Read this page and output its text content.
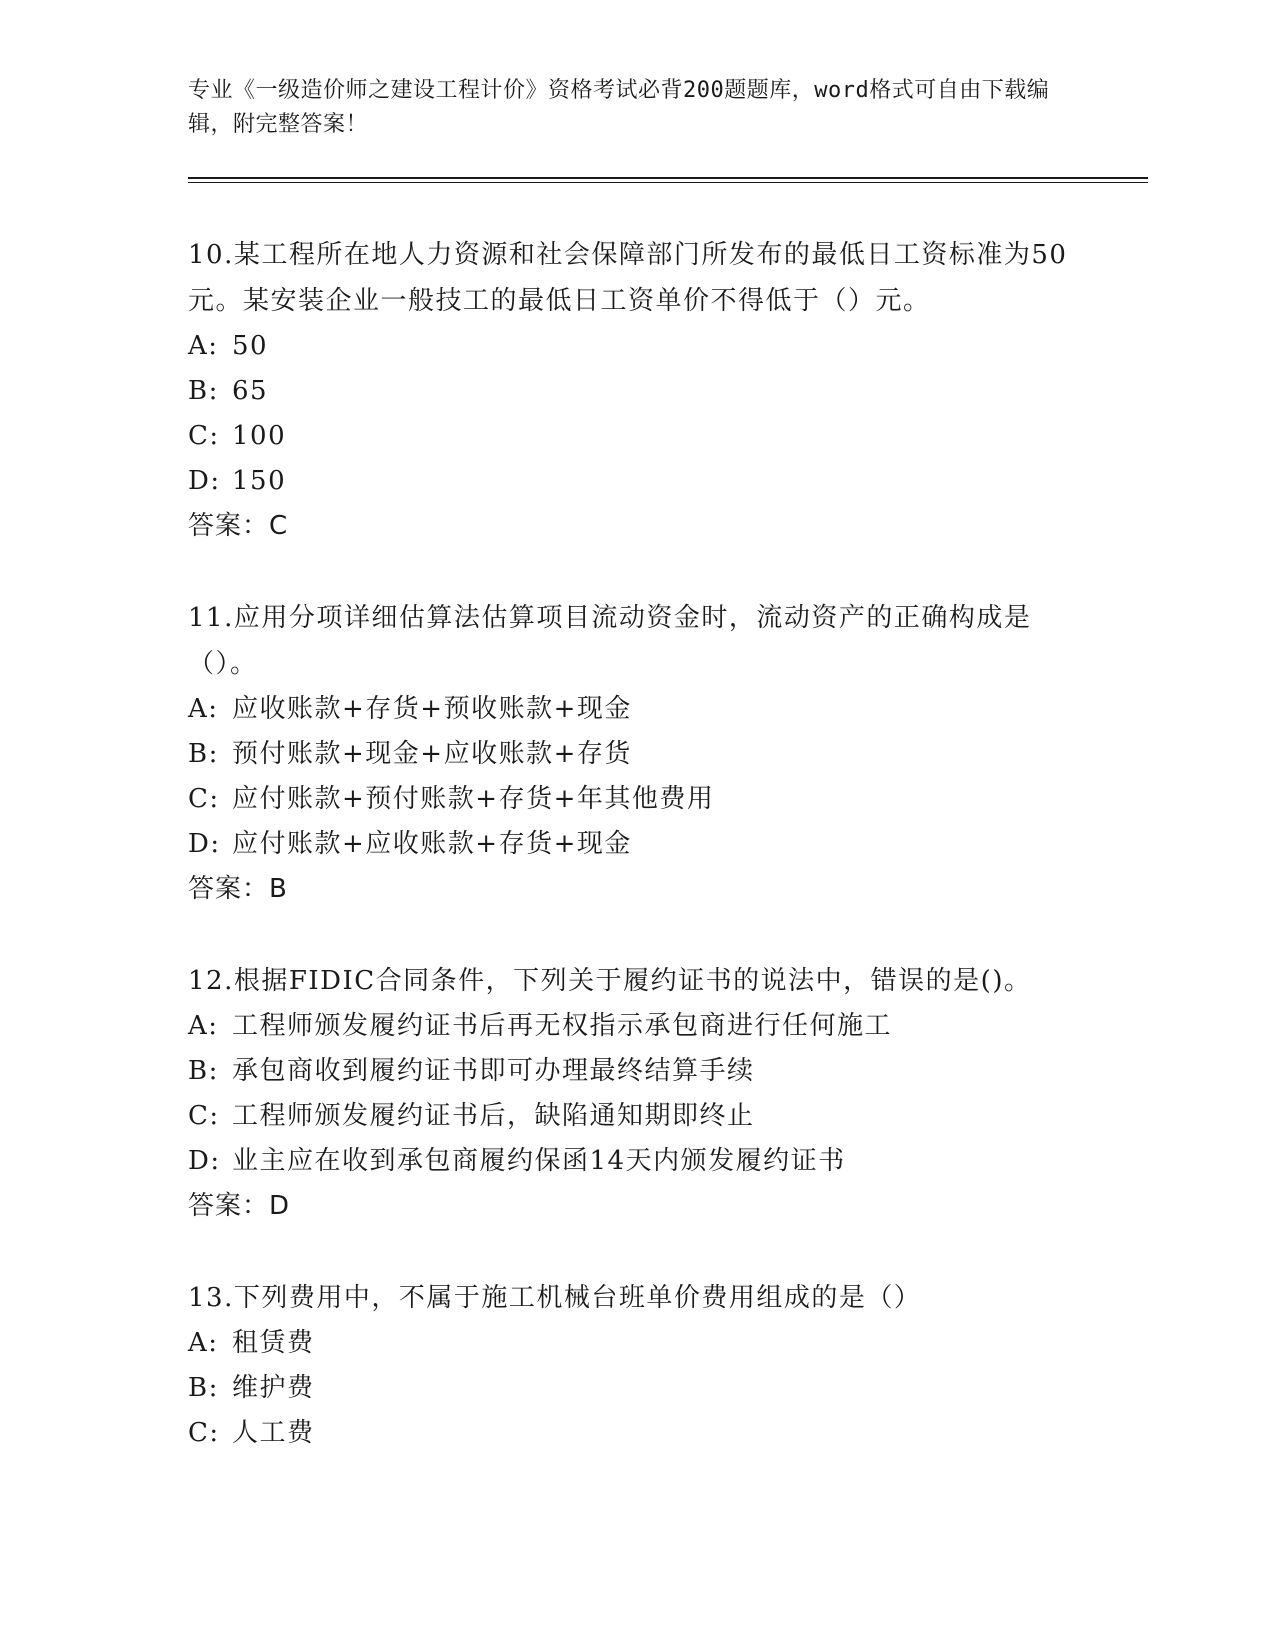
专业《一级造价师之建设工程计价》资格考试必背200题题库，word格式可自由下载编辑，附完整答案！
10.某工程所在地人力资源和社会保障部门所发布的最低日工资标准为50元。某安装企业一般技工的最低日工资单价不得低于（）元。
A: 50
B: 65
C: 100
D: 150
答案：C
11.应用分项详细估算法估算项目流动资金时，流动资产的正确构成是（）。
A: 应收账款+存货+预收账款+现金
B: 预付账款+现金+应收账款+存货
C: 应付账款+预付账款+存货+年其他费用
D: 应付账款+应收账款+存货+现金
答案：B
12.根据FIDIC合同条件，下列关于履约证书的说法中，错误的是()。
A: 工程师颁发履约证书后再无权指示承包商进行任何施工
B: 承包商收到履约证书即可办理最终结算手续
C: 工程师颁发履约证书后，缺陷通知期即终止
D: 业主应在收到承包商履约保函14天内颁发履约证书
答案：D
13.下列费用中，不属于施工机械台班单价费用组成的是（）
A: 租赁费
B: 维护费
C: 人工费
